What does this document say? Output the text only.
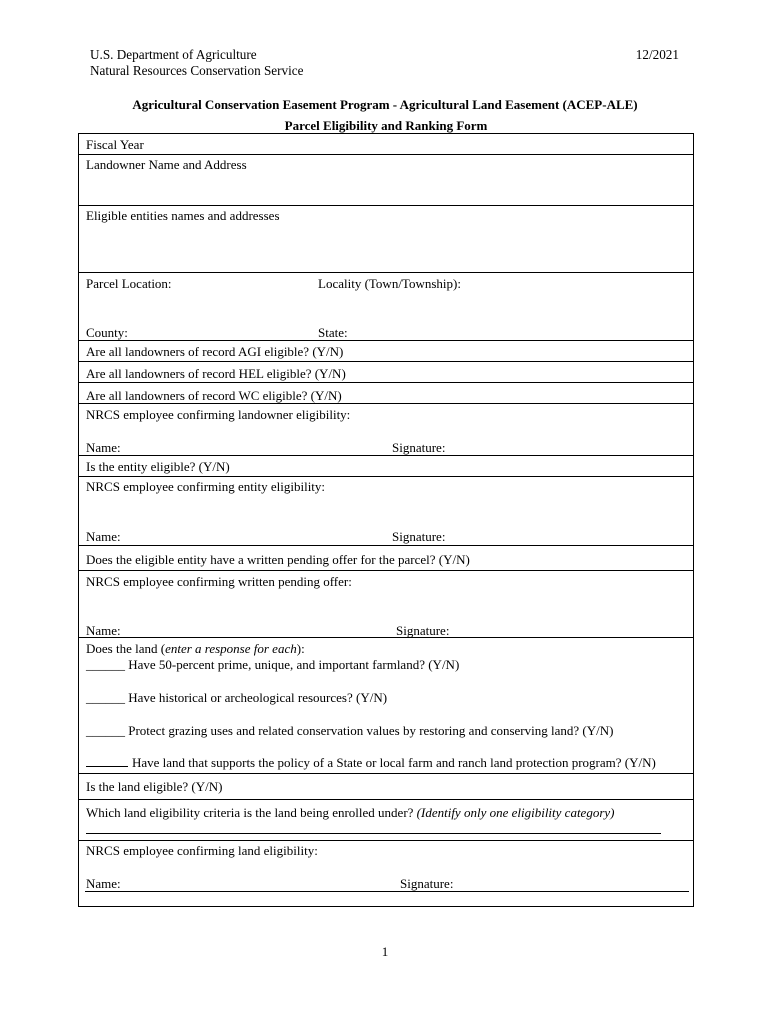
U.S. Department of Agriculture
Natural Resources Conservation Service
12/2021
Agricultural Conservation Easement Program - Agricultural Land Easement (ACEP-ALE)
Parcel Eligibility and Ranking Form
Fiscal Year
Landowner Name and Address
Eligible entities names and addresses
Parcel Location:	Locality (Town/Township):
County:	State:
Are all landowners of record AGI eligible? (Y/N)
Are all landowners of record HEL eligible? (Y/N)
Are all landowners of record WC eligible? (Y/N)
NRCS employee confirming landowner eligibility:
Name:	Signature:
Is the entity eligible? (Y/N)
NRCS employee confirming entity eligibility:
Name:	Signature:
Does the eligible entity have a written pending offer for the parcel? (Y/N)
NRCS employee confirming written pending offer:
Name:	Signature:
Does the land (enter a response for each):
______ Have 50-percent prime, unique, and important farmland? (Y/N)
______ Have historical or archeological resources? (Y/N)
______ Protect grazing uses and related conservation values by restoring and conserving land? (Y/N)
Have land that supports the policy of a State or local farm and ranch land protection program? (Y/N)
Is the land eligible? (Y/N)
Which land eligibility criteria is the land being enrolled under? (Identify only one eligibility category)
NRCS employee confirming land eligibility:
Name:	Signature:
1
